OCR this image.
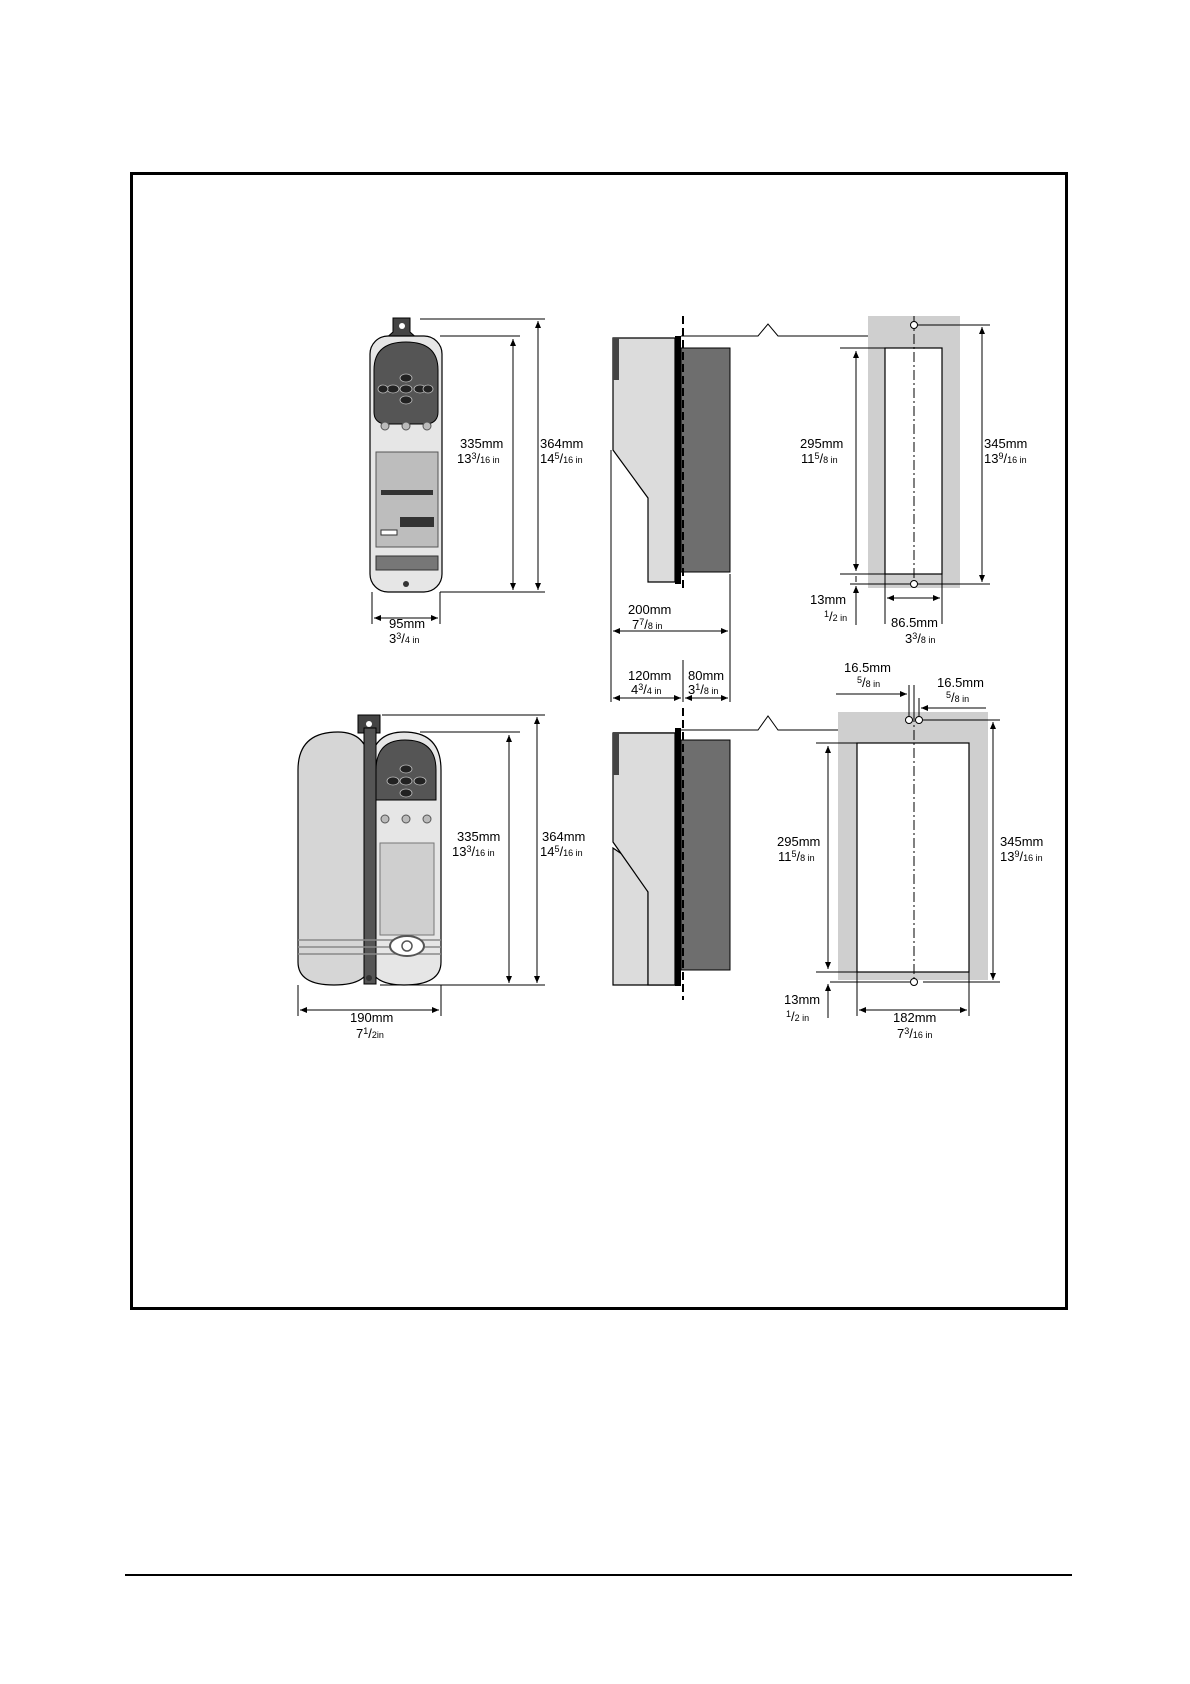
335mm
$13^3_/16$ in
364mm
$14^5_/16$ in
95mm
$3^3_/4$ in
335mm
$13^3_/16$ in
364mm
$14^5_/16$ in
190mm
$7^1_/2in$
200mm
$7^7_/8$ in
120mm
$4^3_/4$ in
80mm
$3^1_/8$ in
295mm
$11^5_/8$ in
345mm
$13^9_/16$ in
13mm
$^1_/$2 in	86.5mm
$3^3_/8$ in
16.5mm
$^5_/$8 in	16.5mm
$^5_/$8 in
295mm
$11^5_/8$ in
345mm
$13^9_/16$ in
13mm
$^1_/$2 in	182mm
$7^3_/16$ in
